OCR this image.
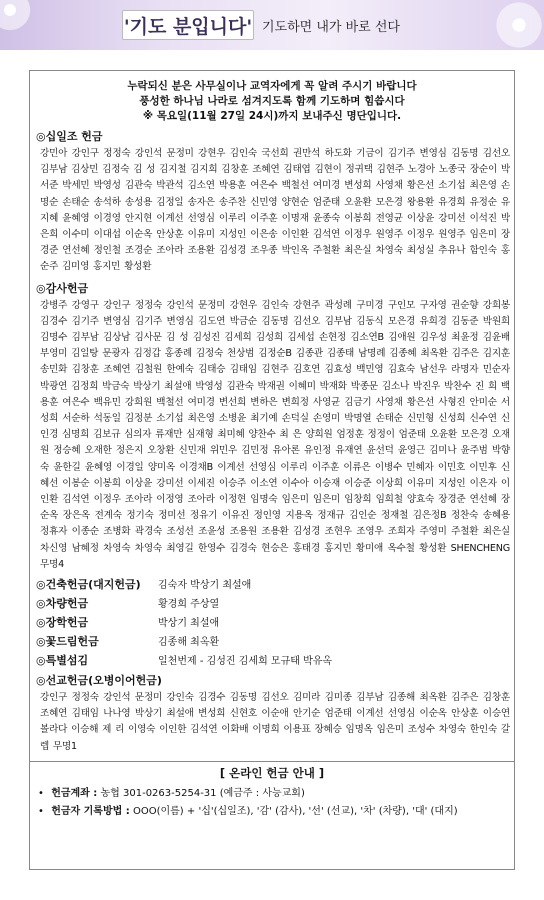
'기도 분입니다' 기도하면 내가 바로 선다
누락되신 분은 사무실이나 교역자에게 꼭 알려 주시기 바랍니다
풍성한 하나님 나라로 섬겨지도록 함께 기도하며 힘씁시다
※ 목요일(11월 27일 24시)까지 보내주신 명단입니다.
◎십일조 헌금
강민아 강인구 정정숙 강인석 문정미 강현우 김인숙 국선희 권만석 하도화 기금이 김기주 변영심 김동명 김선오 김부남 김상민 김정숙 김 성 김지철 김지희 김창훈 조혜연 김태엽 김현이 정귀택 김현주 노경아 노종국 장순이 박서준 박세민 박영성 김관숙 박관석 김소연 박용훈 여은수 백철선 여미경 변성희 사영채 황은선 소기섭 최은영 손명순 손태순 송석하 송성용 김정일 송자은 송주찬 신민영 양현순 엄준태 오윤환 모은경 왕용환 유경희 유정순 유지혜 윤혜영 이경영 안지현 이계선 선영심 이루리 이주훈 이명재 윤종숙 이봉희 전영균 이상윤 강미선 이석진 박은희 이수미 이대섭 이순옥 안상훈 이유미 지성인 이은송 이인환 김석연 이정우 원영주 이정우 원영주 임은미 장경준 연선혜 정인철 조경순 조아라 조용환 김성경 조우종 박인옥 주철환 최은실 차영숙 최성실 추유나 함인숙 홍순주 김미영 홍지민 황성환
◎감사헌금
강병주 강영구 강인구 정정숙 강인석 문정미 강현우 김인숙 강현주 곽성례 구미경 구인모 구자영 권순향 강희봉 김경수 김기주 변영심 김기주 변영심 김도연 박금순 김동명 김선오 김부남 김동식 모은경 유희경 김동준 박원희 김명수 김부남 김상남 김사문 김 성 김성진 김세희 김성희 김세섭 손현정 김소연B 김애원 김우성 최윤정 김윤배 부영미 김일탕 문광자 김정갑 홍종례 김정숙 천상범 김정순B 김종관 김종태 남명례 김종혜 최옥환 김주은 김지훈 송민화 김창훈 조혜연 김철원 한예숙 김태승 김태임 김현주 김호연 김효성 백민영 김효숙 남선우 라명자 민순자 박광연 김정희 박금숙 박상기 최설애 박영성 김관숙 박재권 이혜미 박재화 박종문 김소나 박진우 박찬수 진 희 백용훈 여은수 백유민 강희원 백철선 여미경 변선희 변하은 변희정 사영균 김금기 사영채 황은선 사형진 안미순 서성희 서순하 석동일 김정분 소기섭 최은영 소병윤 최기예 손덕실 손영미 박명열 손태순 신민형 신성희 신수연 신인경 심명희 김보규 심의자 류재만 심재형 최미혜 양찬수 최 은 양희원 엄정훈 정정이 엄준태 오윤환 모은경 오재원 정승혜 오재한 정은지 오창환 신민재 위민우 김민정 유아론 유인정 유재연 윤선덕 윤영근 김미나 윤주범 박향숙 윤한길 윤혜영 이경일 양미옥 이경채B 이계선 선영심 이루리 이주훈 이류은 이병수 민혜자 이민호 이민후 신혜선 이봉순 이봉희 이상윤 강미선 이세진 이승주 이소연 이수아 이승재 이승준 이상희 이유미 지성인 이은자 이인환 김석연 이정우 조아라 이정영 조아라 이정현 임명숙 임은미 임은미 임창희 임희철 양효숙 장경준 연선혜 장순옥 장은옥 전계숙 정기숙 정미선 정유기 이유진 정인영 지용옥 정재규 김인순 정재철 김은정B 정찬숙 송혜용 정휴자 이종순 조병화 곽경숙 조성선 조윤성 조용원 조용환 김성경 조현우 조영우 조희자 주영미 주철환 최은실 차신영 남혜정 차영숙 차영숙 최영길 한영수 김경숙 현승은 홍태경 홍지민 황미애 옥수철 황성환 SHENCHENG 무명4
◎건축헌금(대지헌금)	김숙자 박상기 최설애
◎차량헌금	황경희 주상열
◎장학헌금	박상기 최설애
◎꽃드림헌금	김종해 최옥환
◎특별섬김	일천번제 - 김성진 김세희 모규태 박유옥
◎선교헌금(오병이어헌금)
강인구 정정숙 강인석 문정미 강인숙 김경수 김동명 김선오 김미라 김미종 김부남 김종해 최옥환 김주은 김창훈 조혜연 김태임 나나영 박상기 최설애 변성희 신현호 이순애 안기순 엄준태 이계선 선영심 이순옥 안상훈 이승연 볼라다 이승해 제 리 이영숙 이인한 김석연 이화배 이명희 이용표 장혜승 임명옥 임은미 조성수 차영숙 한인숙 갈 렙 무명1
[ 온라인 헌금 안내 ]
• 헌금계좌 : 농협 301-0263-5254-31 (예금주 : 사능교회)
• 헌금자 기록방법 : OOO(이름) + '십'(십일조), '감' (감사), '선' (선교), '차' (차량), '대' (대지)
